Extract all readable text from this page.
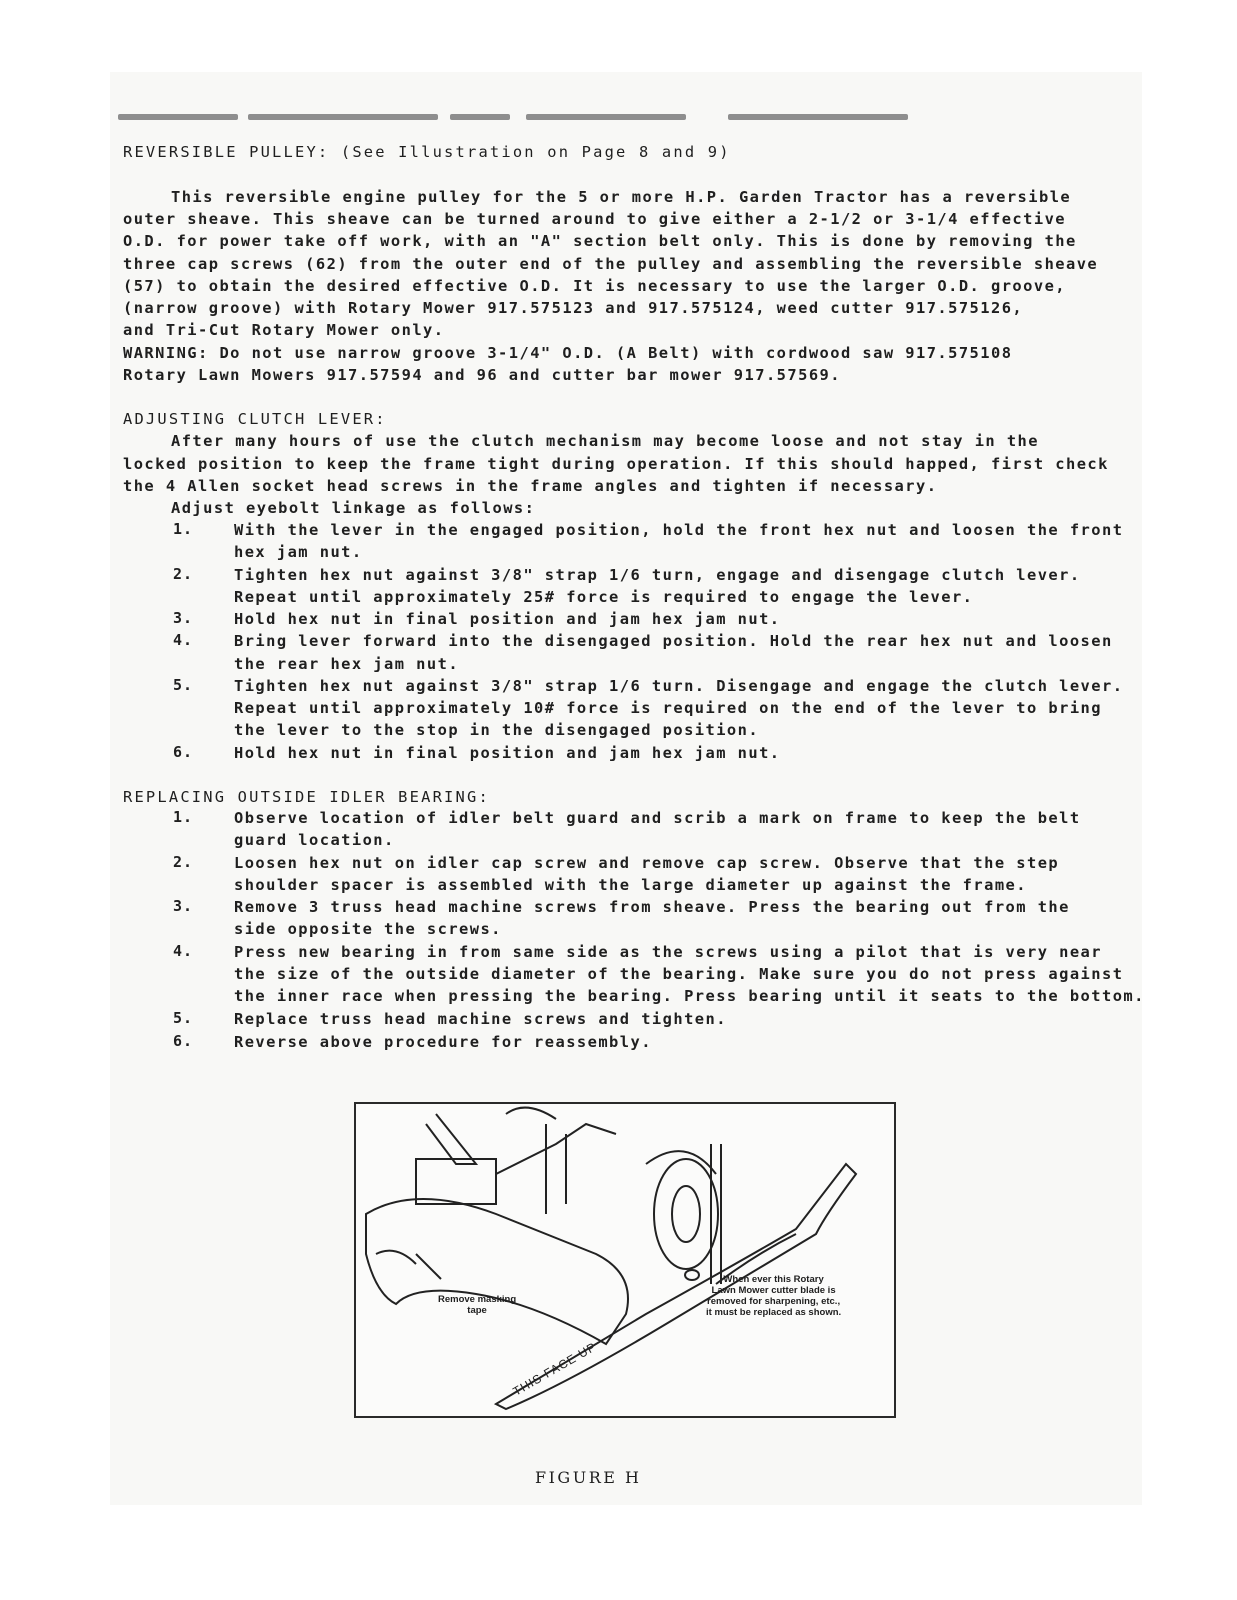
REVERSIBLE PULLEY: (See Illustration on Page 8 and 9)
This reversible engine pulley for the 5 or more H.P. Garden Tractor has a reversible
outer sheave. This sheave can be turned around to give either a 2-1/2 or 3-1/4 effective
O.D. for power take off work, with an "A" section belt only. This is done by removing the
three cap screws (62) from the outer end of the pulley and assembling the reversible sheave
(57) to obtain the desired effective O.D. It is necessary to use the larger O.D. groove,
(narrow groove) with Rotary Mower 917.575123 and 917.575124, weed cutter 917.575126,
and Tri-Cut Rotary Mower only.
WARNING: Do not use narrow groove 3-1/4" O.D. (A Belt) with cordwood saw 917.575108
Rotary Lawn Mowers 917.57594 and 96 and cutter bar mower 917.57569.
ADJUSTING CLUTCH LEVER:
After many hours of use the clutch mechanism may become loose and not stay in the
locked position to keep the frame tight during operation. If this should happed, first check
the 4 Allen socket head screws in the frame angles and tighten if necessary.
Adjust eyebolt linkage as follows:
1.	With the lever in the engaged position, hold the front hex nut and loosen the front
hex jam nut.
2.	Tighten hex nut against 3/8" strap 1/6 turn, engage and disengage clutch lever.
Repeat until approximately 25# force is required to engage the lever.
3.	Hold hex nut in final position and jam hex jam nut.
4.	Bring lever forward into the disengaged position. Hold the rear hex nut and loosen
the rear hex jam nut.
5.	Tighten hex nut against 3/8" strap 1/6 turn. Disengage and engage the clutch lever.
Repeat until approximately 10# force is required on the end of the lever to bring
the lever to the stop in the disengaged position.
6.	Hold hex nut in final position and jam hex jam nut.
REPLACING OUTSIDE IDLER BEARING:
1.	Observe location of idler belt guard and scrib a mark on frame to keep the belt
guard location.
2.	Loosen hex nut on idler cap screw and remove cap screw. Observe that the step
shoulder spacer is assembled with the large diameter up against the frame.
3.	Remove 3 truss head machine screws from sheave. Press the bearing out from the
side opposite the screws.
4.	Press new bearing in from same side as the screws using a pilot that is very near
the size of the outside diameter of the bearing. Make sure you do not press against
the inner race when pressing the bearing. Press bearing until it seats to the bottom.
5.	Replace truss head machine screws and tighten.
6.	Reverse above procedure for reassembly.
THIS FACE UP
Remove masking
tape
When ever this Rotary
Lawn Mower cutter blade is
removed for sharpening, etc.,
it must be replaced as shown.
FIGURE H
